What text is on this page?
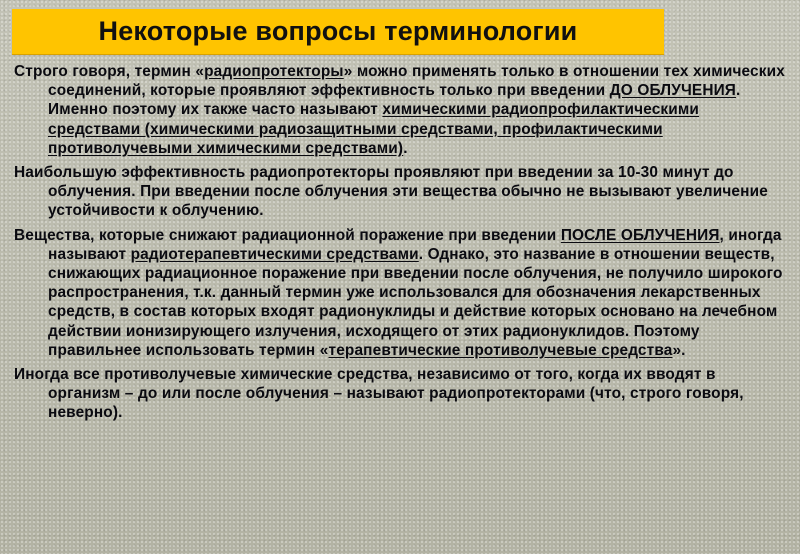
Некоторые вопросы терминологии

Строго говоря, термин «радиопротекторы» можно применять только в отношении тех химических соединений, которые проявляют эффективность только при введении ДО ОБЛУЧЕНИЯ. Именно поэтому их также часто называют химическими радиопрофилактическими средствами (химическими радиозащитными средствами, профилактическими противолучевыми химическими средствами).

Наибольшую эффективность радиопротекторы проявляют при введении за 10-30 минут до облучения. При введении после облучения эти вещества обычно не вызывают увеличение устойчивости к облучению.

Вещества, которые снижают радиационной поражение при введении ПОСЛЕ ОБЛУЧЕНИЯ, иногда называют радиотерапевтическими средствами. Однако, это название в отношении веществ, снижающих радиационное поражение при введении после облучения, не получило широкого распространения, т.к. данный термин уже использовался для обозначения лекарственных средств, в состав которых входят радионуклиды и действие которых основано на лечебном действии ионизирующего излучения, исходящего от этих радионуклидов. Поэтому правильнее использовать термин «терапевтические противолучевые средства».

Иногда все противолучевые химические средства, независимо от того, когда их вводят в организм – до или после облучения – называют радиопротекторами (что, строго говоря, неверно).
